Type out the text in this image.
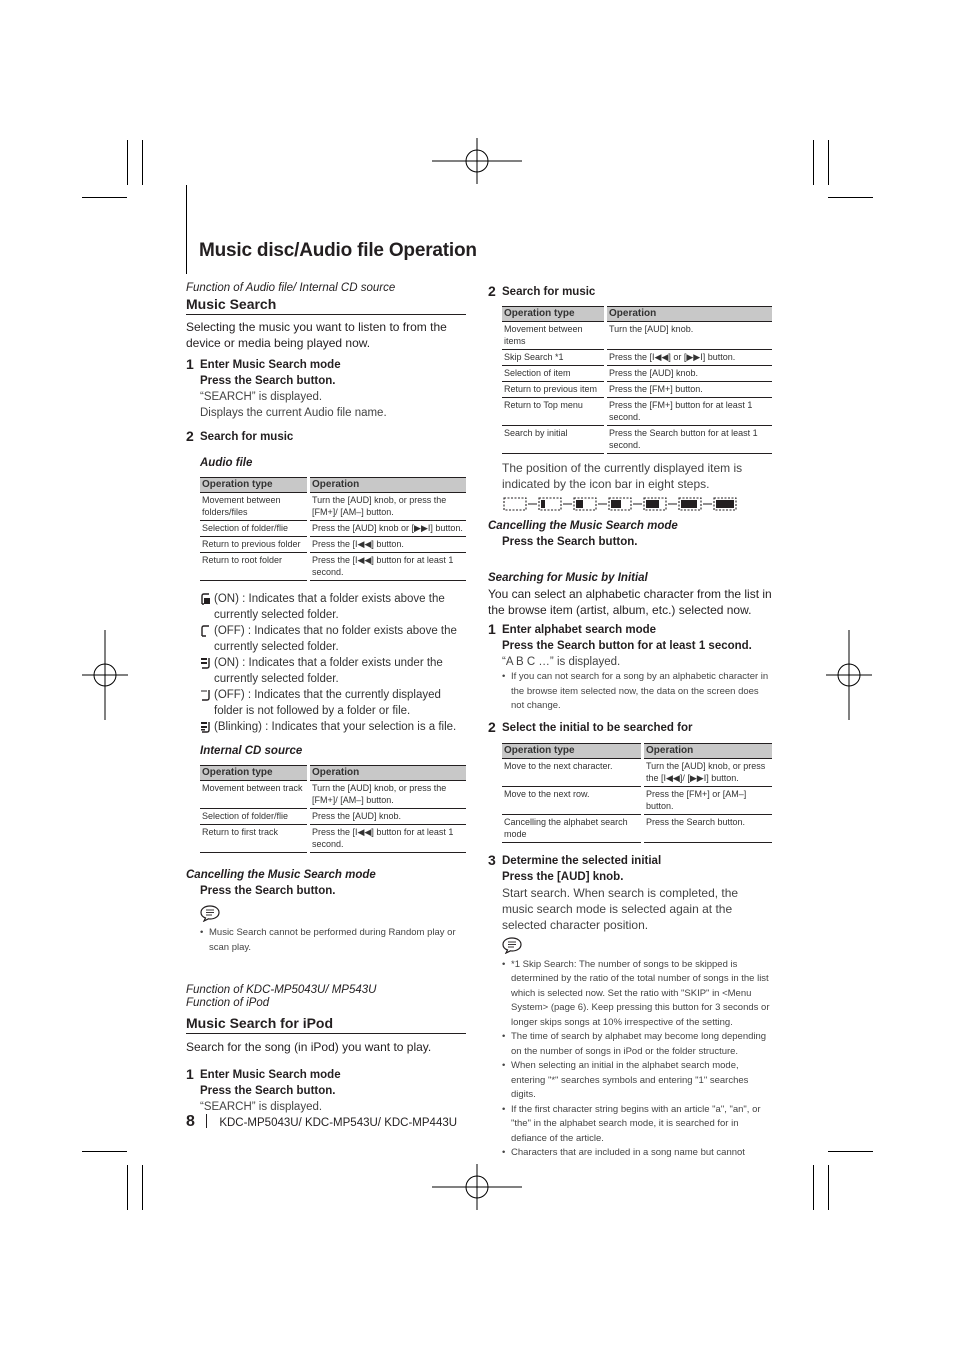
Music disc/Audio file Operation
Function of Audio file/ Internal CD source
Music Search
Selecting the music you want to listen to from the device or media being played now.
1 Enter Music Search mode
Press the Search button.
“SEARCH” is displayed.
Displays the current Audio file name.
2 Search for music
Audio file
Operation type	Operation
Movement between folders/files	Turn the [AUD] knob, or press the [FM+]/ [AM–] button.
Selection of folder/flie	Press the [AUD] knob or [▶▶I] button.
Return to previous folder	Press the [I◀◀] button.
Return to root folder	Press the [I◀◀] button for at least 1 second.
(ON) : Indicates that a folder exists above the currently selected folder.
(OFF) : Indicates that no folder exists above the currently selected folder.
(ON) : Indicates that a folder exists under the currently selected folder.
(OFF) : Indicates that the currently displayed folder is not followed by a folder or file.
(Blinking) : Indicates that your selection is a file.
Internal CD source
Operation type	Operation
Movement between track	Turn the [AUD] knob, or press the [FM+]/ [AM–] button.
Selection of folder/flie	Press the [AUD] knob.
Return to first track	Press the [I◀◀] button for at least 1 second.
Cancelling the Music Search mode
Press the Search button.
• Music Search cannot be performed during Random play or scan play.
Function of KDC-MP5043U/ MP543U
Function of iPod
Music Search for iPod
Search for the song (in iPod) you want to play.
1 Enter Music Search mode
Press the Search button.
“SEARCH” is displayed.
2 Search for music
Operation type	Operation
Movement between items	Turn the [AUD] knob.
Skip Search *1	Press the [I◀◀] or [▶▶I] button.
Selection of item	Press the [AUD] knob.
Return to previous item	Press the [FM+] button.
Return to Top menu	Press the [FM+] button for at least 1 second.
Search by initial	Press the Search button for at least 1 second.
The position of the currently displayed item is indicated by the icon bar in eight steps.
Cancelling the Music Search mode
Press the Search button.
Searching for Music by Initial
You can select an alphabetic character from the list in the browse item (artist, album, etc.) selected now.
1 Enter alphabet search mode
Press the Search button for at least 1 second.
“A B C …” is displayed.
• If you can not search for a song by an alphabetic character in the browse item selected now, the data on the screen does not change.
2 Select the initial to be searched for
Operation type	Operation
Move to the next character.	Turn the [AUD] knob, or press the [I◀◀]/ [▶▶I] button.
Move to the next row.	Press the [FM+] or [AM–] button.
Cancelling the alphabet search mode	Press the Search button.
3 Determine the selected initial
Press the [AUD] knob.
Start search. When search is completed, the music search mode is selected again at the selected character position.
• *1 Skip Search: The number of songs to be skipped is determined by the ratio of the total number of songs in the list which is selected now. Set the ratio with "SKIP" in <Menu System> (page 6). Keep pressing this button for 3 seconds or longer skips songs at 10% irrespective of the setting.
• The time of search by alphabet may become long depending on the number of songs in iPod or the folder structure.
• When selecting an initial in the alphabet search mode, entering "*" searches symbols and entering "1" searches digits.
• If the first character string begins with an article "a", "an", or "the" in the alphabet search mode, it is searched for in defiance of the article.
• Characters that are included in a song name but cannot
8 KDC-MP5043U/ KDC-MP543U/ KDC-MP443U
